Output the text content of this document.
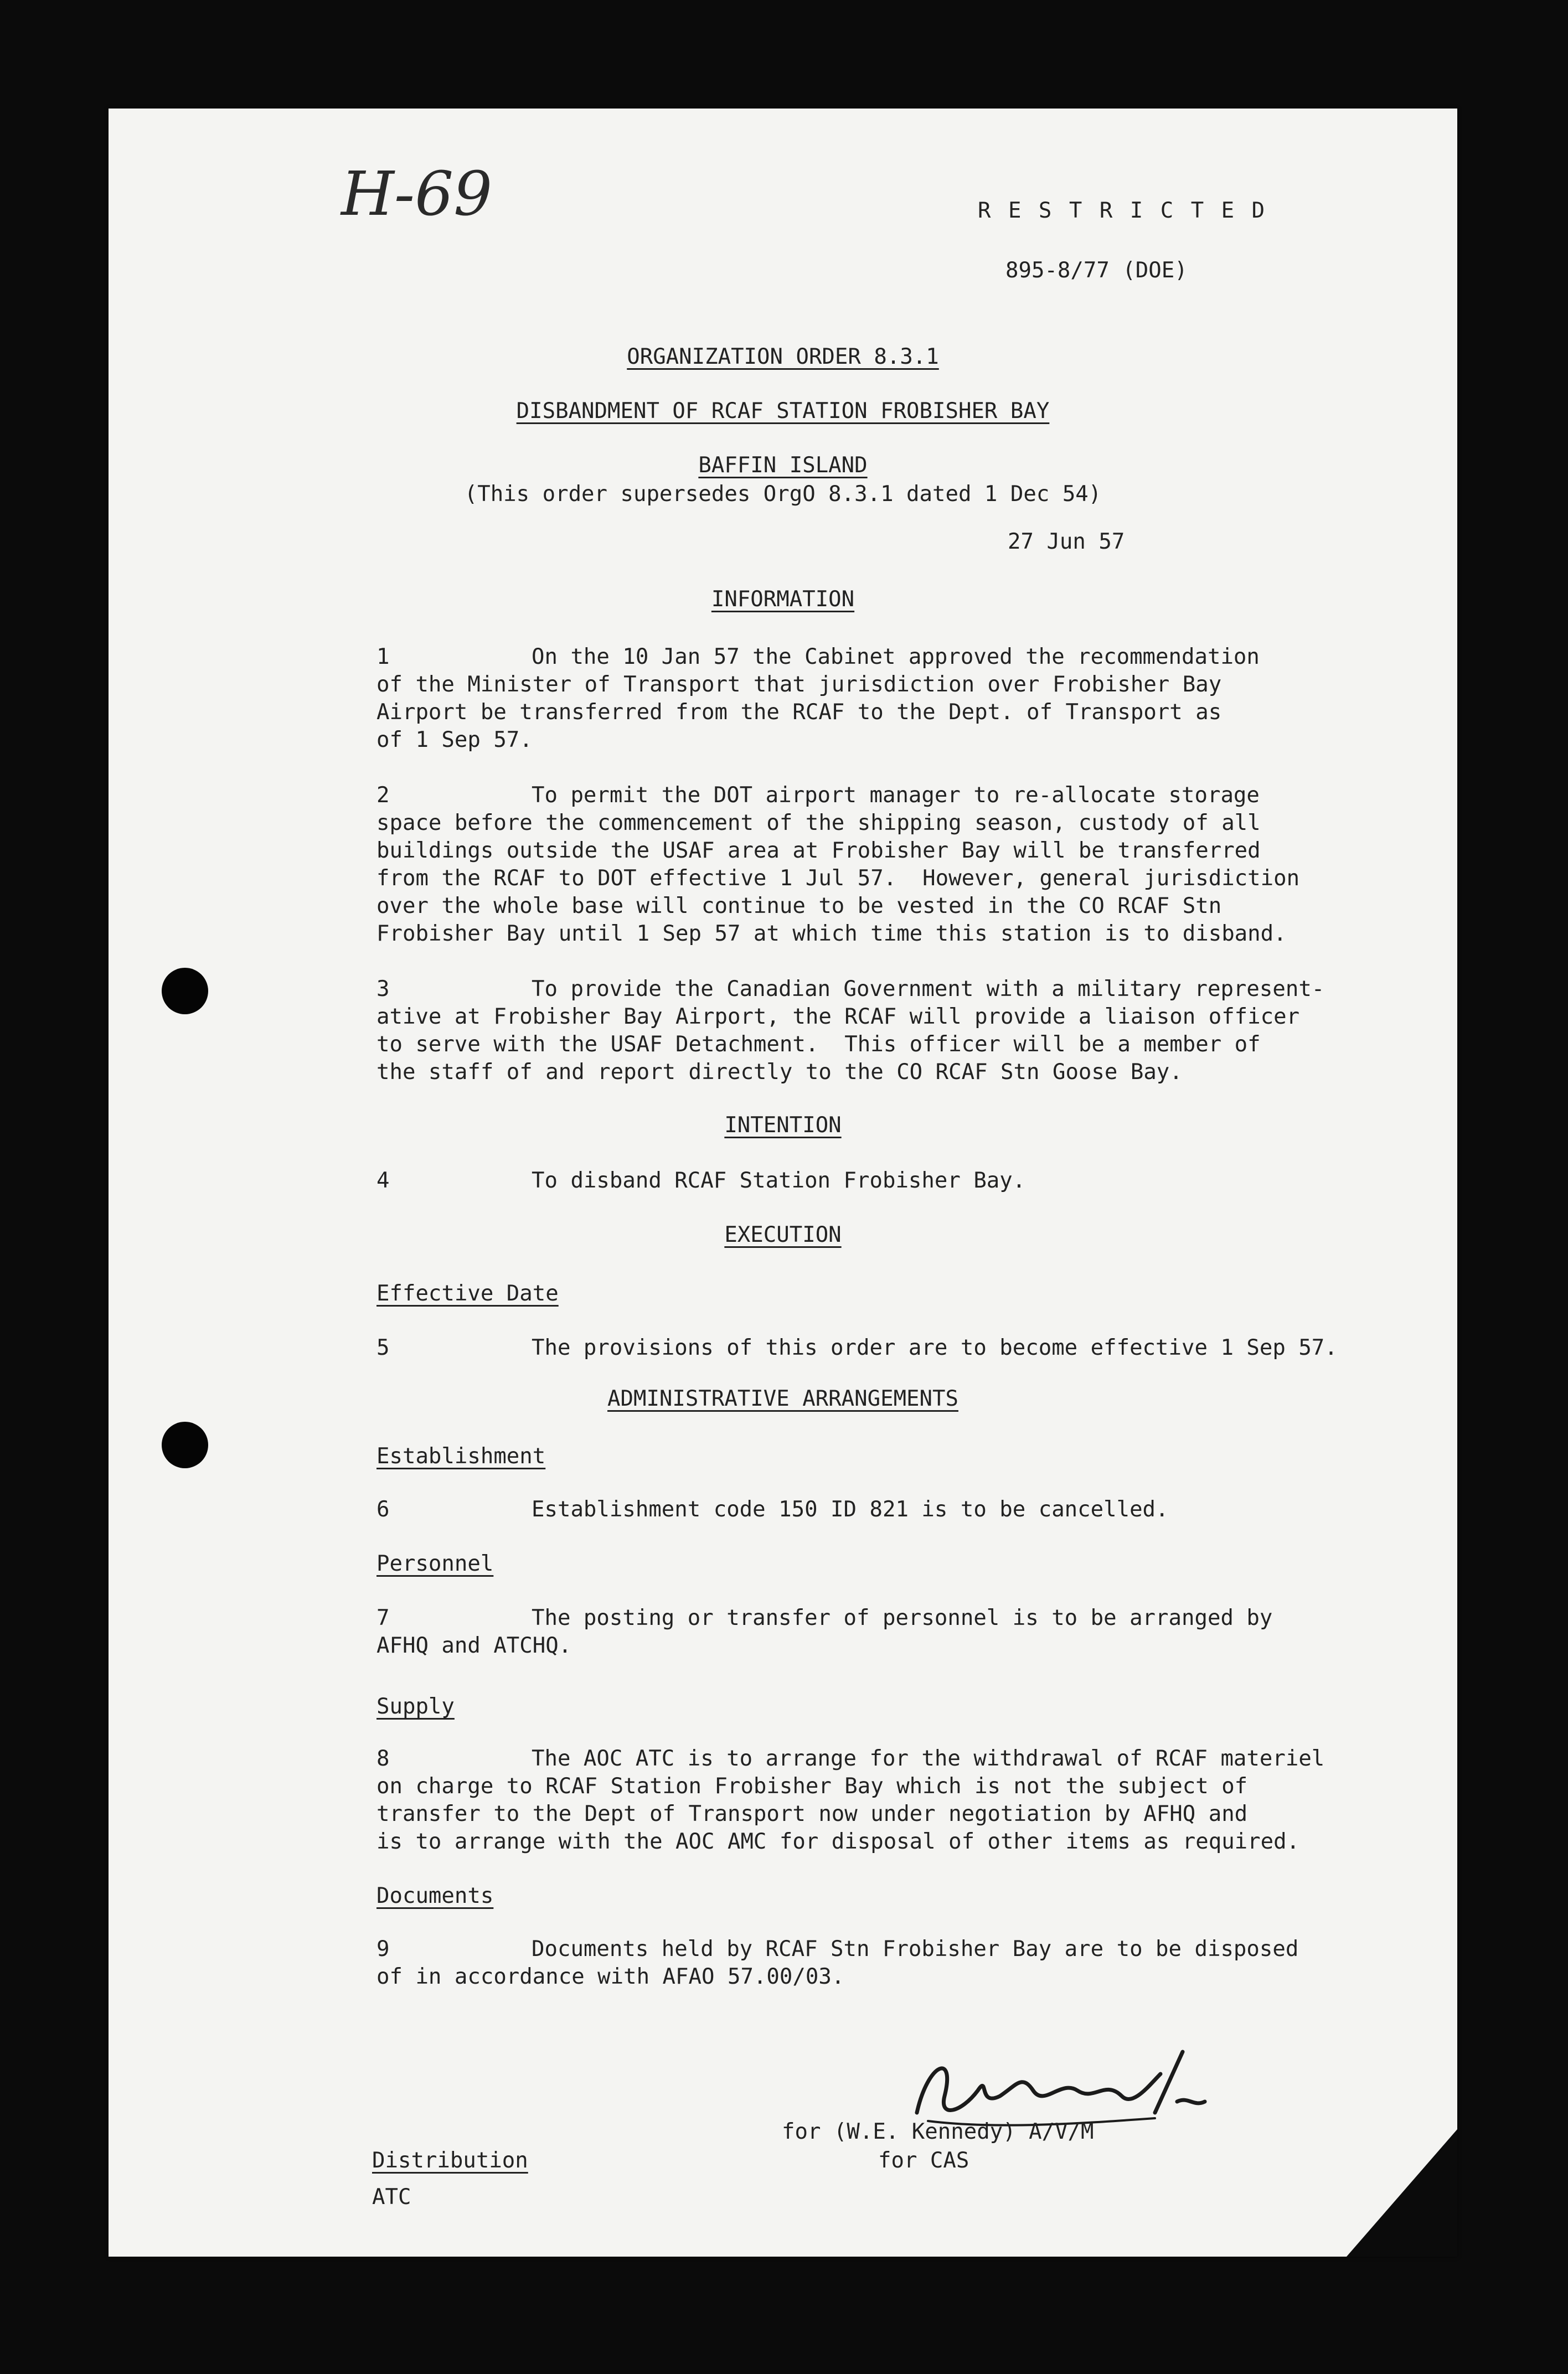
H-69	R E S T R I C T E D
895-8/77 (DOE)
ORGANIZATION ORDER 8.3.1
DISBANDMENT OF RCAF STATION FROBISHER BAY
BAFFIN ISLAND
(This order supersedes OrgO 8.3.1 dated 1 Dec 54)
27 Jun 57
INFORMATION
1	On the 10 Jan 57 the Cabinet approved the recommendation
of the Minister of Transport that jurisdiction over Frobisher Bay
Airport be transferred from the RCAF to the Dept. of Transport as
of 1 Sep 57.
2	To permit the DOT airport manager to re-allocate storage
space before the commencement of the shipping season, custody of all
buildings outside the USAF area at Frobisher Bay will be transferred
from the RCAF to DOT effective 1 Jul 57.  However, general jurisdiction
over the whole base will continue to be vested in the CO RCAF Stn
Frobisher Bay until 1 Sep 57 at which time this station is to disband.
3	To provide the Canadian Government with a military represent-
ative at Frobisher Bay Airport, the RCAF will provide a liaison officer
to serve with the USAF Detachment.  This officer will be a member of
the staff of and report directly to the CO RCAF Stn Goose Bay.
INTENTION
4	To disband RCAF Station Frobisher Bay.
EXECUTION
Effective Date
5	The provisions of this order are to become effective 1 Sep 57.
ADMINISTRATIVE ARRANGEMENTS
Establishment
6	Establishment code 150 ID 821 is to be cancelled.
Personnel
7	The posting or transfer of personnel is to be arranged by
AFHQ and ATCHQ.
Supply
8	The AOC ATC is to arrange for the withdrawal of RCAF materiel
on charge to RCAF Station Frobisher Bay which is not the subject of
transfer to the Dept of Transport now under negotiation by AFHQ and
is to arrange with the AOC AMC for disposal of other items as required.
Documents
9	Documents held by RCAF Stn Frobisher Bay are to be disposed
of in accordance with AFAO 57.00/03.
for (W.E. Kennedy) A/V/M
for CAS
Distribution
ATC
